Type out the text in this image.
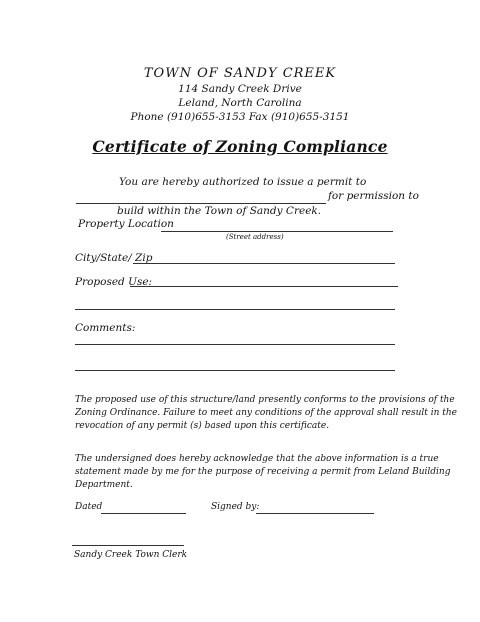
TOWN OF SANDY CREEK
114 Sandy Creek Drive
Leland, North Carolina
Phone (910)655-3153 Fax (910)655-3151
Certificate of Zoning Compliance
You are hereby authorized to issue a permit to
for permission to
build within the Town of Sandy Creek.
Property Location
(Street address)
City/State/ Zip
Proposed Use:
Comments:
The proposed use of this structure/land presently conforms to the provisions of the
Zoning Ordinance. Failure to meet any conditions of the approval shall result in the
revocation of any permit (s) based upon this certificate.
The undersigned does hereby acknowledge that the above information is a true
statement made by me for the purpose of receiving a permit from Leland Building
Department.
Dated	Signed by:
Sandy Creek Town Clerk
